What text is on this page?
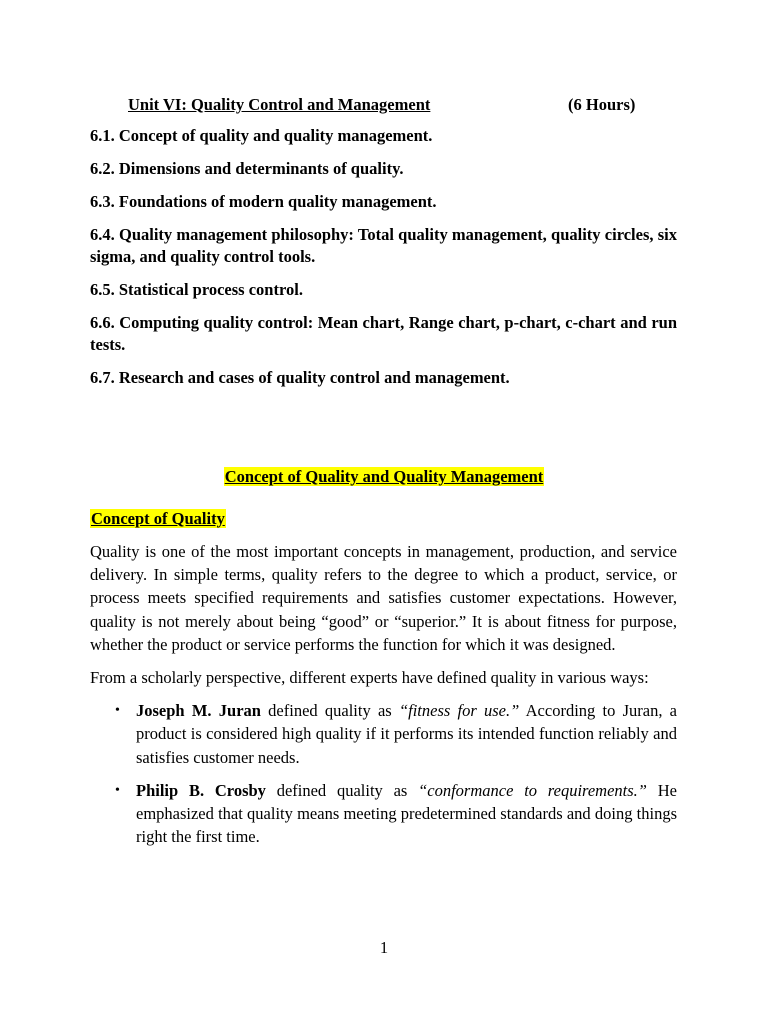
Unit VI: Quality Control and Management	(6 Hours)

6.1. Concept of quality and quality management.

6.2. Dimensions and determinants of quality.

6.3. Foundations of modern quality management.

6.4. Quality management philosophy: Total quality management, quality circles, six sigma, and quality control tools.

6.5. Statistical process control.

6.6. Computing quality control: Mean chart, Range chart, p-chart, c-chart and run tests.

6.7. Research and cases of quality control and management.

Concept of Quality and Quality Management
Concept of Quality

Quality is one of the most important concepts in management, production, and service delivery. In simple terms, quality refers to the degree to which a product, service, or process meets specified requirements and satisfies customer expectations. However, quality is not merely about being “good” or “superior.” It is about fitness for purpose, whether the product or service performs the function for which it was designed.

From a scholarly perspective, different experts have defined quality in various ways:

• Joseph M. Juran defined quality as “fitness for use.” According to Juran, a product is considered high quality if it performs its intended function reliably and satisfies customer needs.
• Philip B. Crosby defined quality as “conformance to requirements.” He emphasized that quality means meeting predetermined standards and doing things right the first time.
1
